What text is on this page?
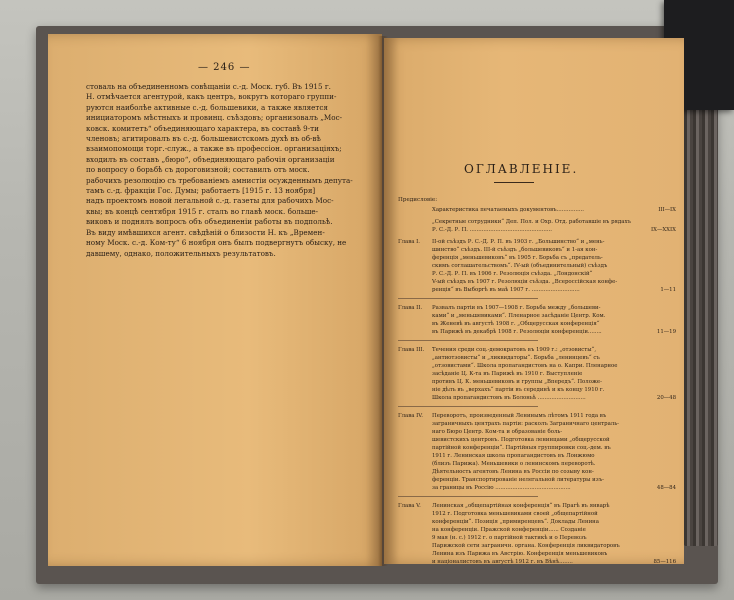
— 246 —
стоваль на объединенномъ совѣщанiи с.-д. Моск. губ. Въ 1915 г.
Н. отмѣчается агентурой, какъ центръ, вокругъ котораго группи-
руются наиболѣе активные с.-д. большевики, а также является
инициаторомъ мѣстныхъ и провинц. съѣздовъ; организовалъ „Мос-
ковск. комитетъ“ объединяющаго характера, въ составѣ 9-ти
членовъ; агитировалъ въ с.-д. большевистскомъ духѣ въ об-вѣ
взаимопомощи торг.-служ., а также въ профессiон. организацiяхъ;
входилъ въ составъ „бюро“, объединяющаго рабочiя организацiи
по вопросу о борьбѣ съ дороговизной; составилъ отъ моск.
рабочихъ резолюцiю съ требованiемъ амнистiи осужденнымъ депута-
тамъ с.-д. фракцiи Гос. Думы; работаетъ [1915 г. 13 ноября]
надъ проектомъ новой легальной с.-д. газеты для рабочихъ Мос-
квы; въ концѣ сентября 1915 г. сталъ во главѣ моск. больше-
виковъ и поднялъ вопросъ объ объединенiи работы въ подпольѣ.
Въ виду имѣвшихся агент. свѣдѣнiй о близости Н. къ „Времен-
ному Моск. с.-д. Ком-ту“ 6 ноября онъ былъ подвергнутъ обыску, не
давшему, однако, положительныхъ результатовъ.
ОГЛАВЛЕНIЕ.
Предисловiе:
Характеристика печатаемыхъ документовъ................	III—IX
„Секретные сотрудники“ Деп. Пол. и Охр. Отд. работавшiе въ рядахъ
Р. С.-Д. Р. П. ................................................	IX—XXIX
Глава I.	II-ой съѣздъ Р. С.-Д. Р. П. въ 1903 г. „Большинство“ и „мень-
шинство“ съѣздъ. III-й съѣздъ „большевиковъ“ и 1-ая кон-
ференцiя „меньшевиковъ“ въ 1905 г. Борьба съ „предатель-
скимъ соглашательствомъ“. IV-ый (объединительный) съѣздъ
Р. С.-Д. Р. П. въ 1906 г. Резолюцiя съѣзда. „Лондонскiй“
V-ый съѣздъ въ 1907 г. Резолюцiи съѣзда. „Всероссiйская конфе-
ренцiя“ въ Выборгѣ въ маѣ 1907 г. ............................	1—11
Глава II.	Развалъ партiи въ 1907—1908 г. Борьба между „большеви-
ками“ и „меньшевиками“. Пленарное засѣданiе Центр. Ком.
въ Женевѣ въ августѣ 1908 г. „Общерусская конференцiя“
въ Парижѣ въ декабрѣ 1908 г. Резолюцiи конференцiи........	11—19
Глава III.	Течения среди соц.-демократовъ въ 1909 г.: „отзовисты“,
„антиотзовисты“ и „ликвидаторы“. Борьба „ленинцевъ“ съ
„отзовистами“. Школа пропагандистовъ на о. Капри. Пленарное
засѣданiе Ц. К-та въ Парижѣ въ 1910 г. Выступленiе
противъ Ц. К. меньшевиковъ и группы „Впередъ“. Положе-
нiе дѣлъ въ „верхахъ“ партiи въ серединѣ и къ концу 1910 г.
Школа пропагандистовъ въ Болоньѣ ............................	20—48
Глава IV.	Переворотъ, произведенный Ленинымъ лѣтомъ 1911 года въ
заграничныхъ центрахъ партiи: расколъ Заграничнаго централь-
наго Бюро Центр. Ком-та и образованiе боль-
шевистскихъ центровъ. Подготовка ленинцами „общерусской
партiйной конференцiи“. Партiйныя группировки соц.-дем. въ
1911 г. Ленинская школа пропагандистовъ въ Лонжюмо
(близъ Парижа). Меньшевики о ленинскомъ переворотѣ.
Дѣятельность агентовъ Ленина въ Россiи по созыву кон-
ференцiи. Транспортированiе нелегальной литературы изъ-
за границы въ Россiю ............................................	48—84
Глава V.	Ленинская „общепартiйная конференцiя“ въ Прагѣ въ январѣ
1912 г. Подготовка меньшевиками своей „общепартiйной
конференцiи“. Позицiя „примиренцевъ“. Доклады Ленина
на конференцiи. Пражской конференцiи...... Созданiе
9 мая (н. с.) 1912 г. о партiйной тактикѣ и о Перевозъ
Парижской сети заграничн. органа. Конференцiя ликвидаторовъ
Ленина изъ Парижа въ Австрiю. Конференцiя меньшевиковъ
и нацiоналистовъ въ августѣ 1912 г. въ Вѣнѣ........	85—116
